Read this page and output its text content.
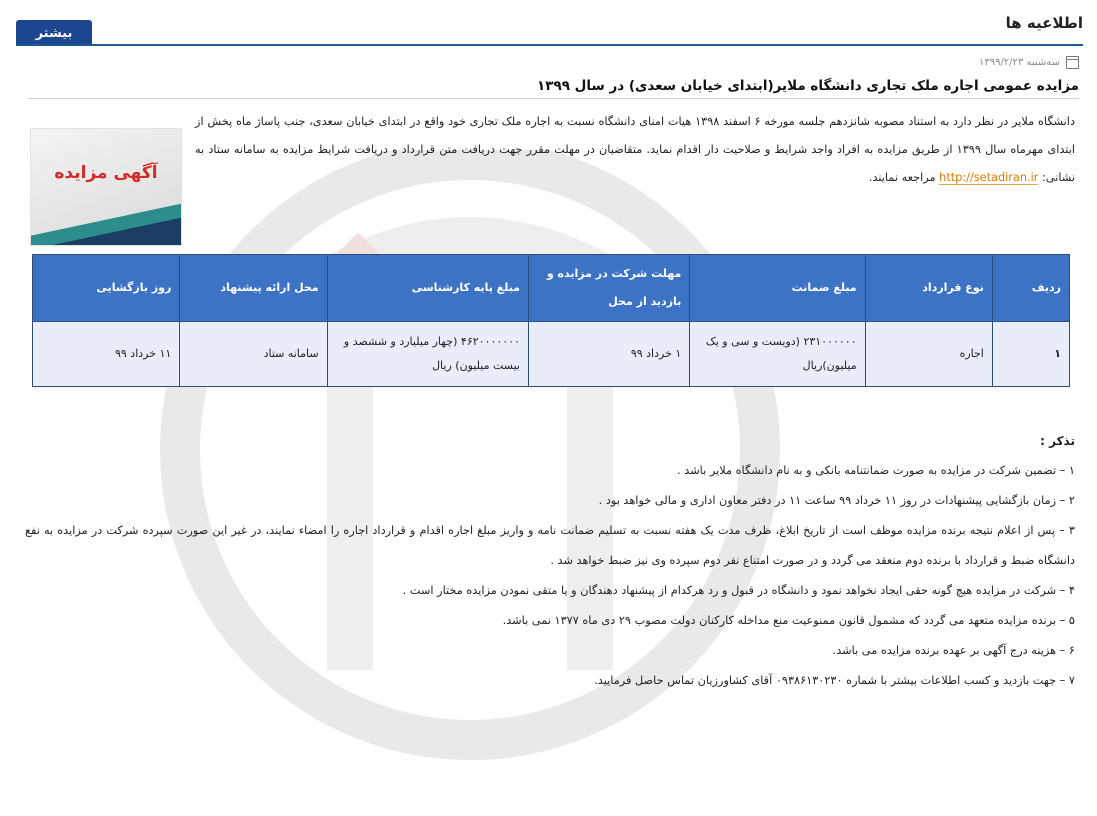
اطلاعیه ها
بیشتر
سه‌شنبه ۱۳۹۹/۲/۲۳
مزایده عمومی اجاره ملک تجاری دانشگاه ملایر(ابتدای خیابان سعدی) در سال ۱۳۹۹
دانشگاه ملایر در نظر دارد به استناد مصوبه شانزدهم جلسه مورخه ۶ اسفند ۱۳۹۸ هیات امنای دانشگاه نسبت به اجاره ملک تجاری خود واقع در ابتدای خیابان سعدی، جنب پاساژ ماه پخش از ابتدای مهرماه سال ۱۳۹۹ از طریق مزایده به افراد واجد شرایط و صلاحیت دار اقدام نماید. متقاضیان در مهلت مقرر جهت دریافت متن قرارداد و دریافت شرایط مزایده به سامانه ستاد به نشانی: http://setadiran.ir مراجعه نمایند.
آگهی مزایده
ردیف	نوع قرارداد	مبلغ ضمانت	مهلت شرکت در مزایده و بازدید از محل	مبلغ پایه کارشناسی	محل ارائه پیشنهاد	روز بازگشایی
۱	اجاره	۲۳۱۰۰۰۰۰۰ (دویست و سی و یک میلیون)ریال	۱ خرداد ۹۹	۴۶۲۰۰۰۰۰۰۰ (چهار میلیارد و ششصد و بیست میلیون) ریال	سامانه ستاد	۱۱ خرداد ۹۹
تذکر :

۱ – تضمین شرکت در مزایده به صورت ضمانتنامه بانکی و به نام دانشگاه ملایر باشد .

۲ – زمان بازگشایی پیشنهادات در روز ۱۱ خرداد ۹۹ ساعت ۱۱ در دفتر معاون اداری و مالی خواهد بود .

۳ – پس از اعلام نتیجه برنده مزایده موظف است از تاریخ ابلاغ، ظرف مدت یک هفته نسبت به تسلیم ضمانت نامه و واریز مبلغ اجاره اقدام و قرارداد اجاره را امضاء نمایند، در غیر این صورت سپرده شرکت در مزایده به نفع دانشگاه ضبط و قرارداد با برنده دوم منعقد می گردد و در صورت امتناع نفر دوم سپرده وی نیز ضبط خواهد شد .

۴ – شرکت در مزایده هیچ گونه حقی ایجاد نخواهد نمود و دانشگاه در قبول و رد هرکدام از پیشنهاد دهندگان و یا متقی نمودن مزایده مختار است .

۵ – برنده مزایده متعهد می گردد که مشمول قانون ممنوعیت منع مداخله کارکنان دولت مصوب ۲۹ دی ماه ۱۳۷۷ نمی باشد.

۶ – هزینه درج آگهی بر عهده برنده مزایده می باشد.

۷ – جهت بازدید و کسب اطلاعات بیشتر با شماره ۰۹۳۸۶۱۳۰۲۳۰ آقای کشاورزیان تماس حاصل فرمایید.
